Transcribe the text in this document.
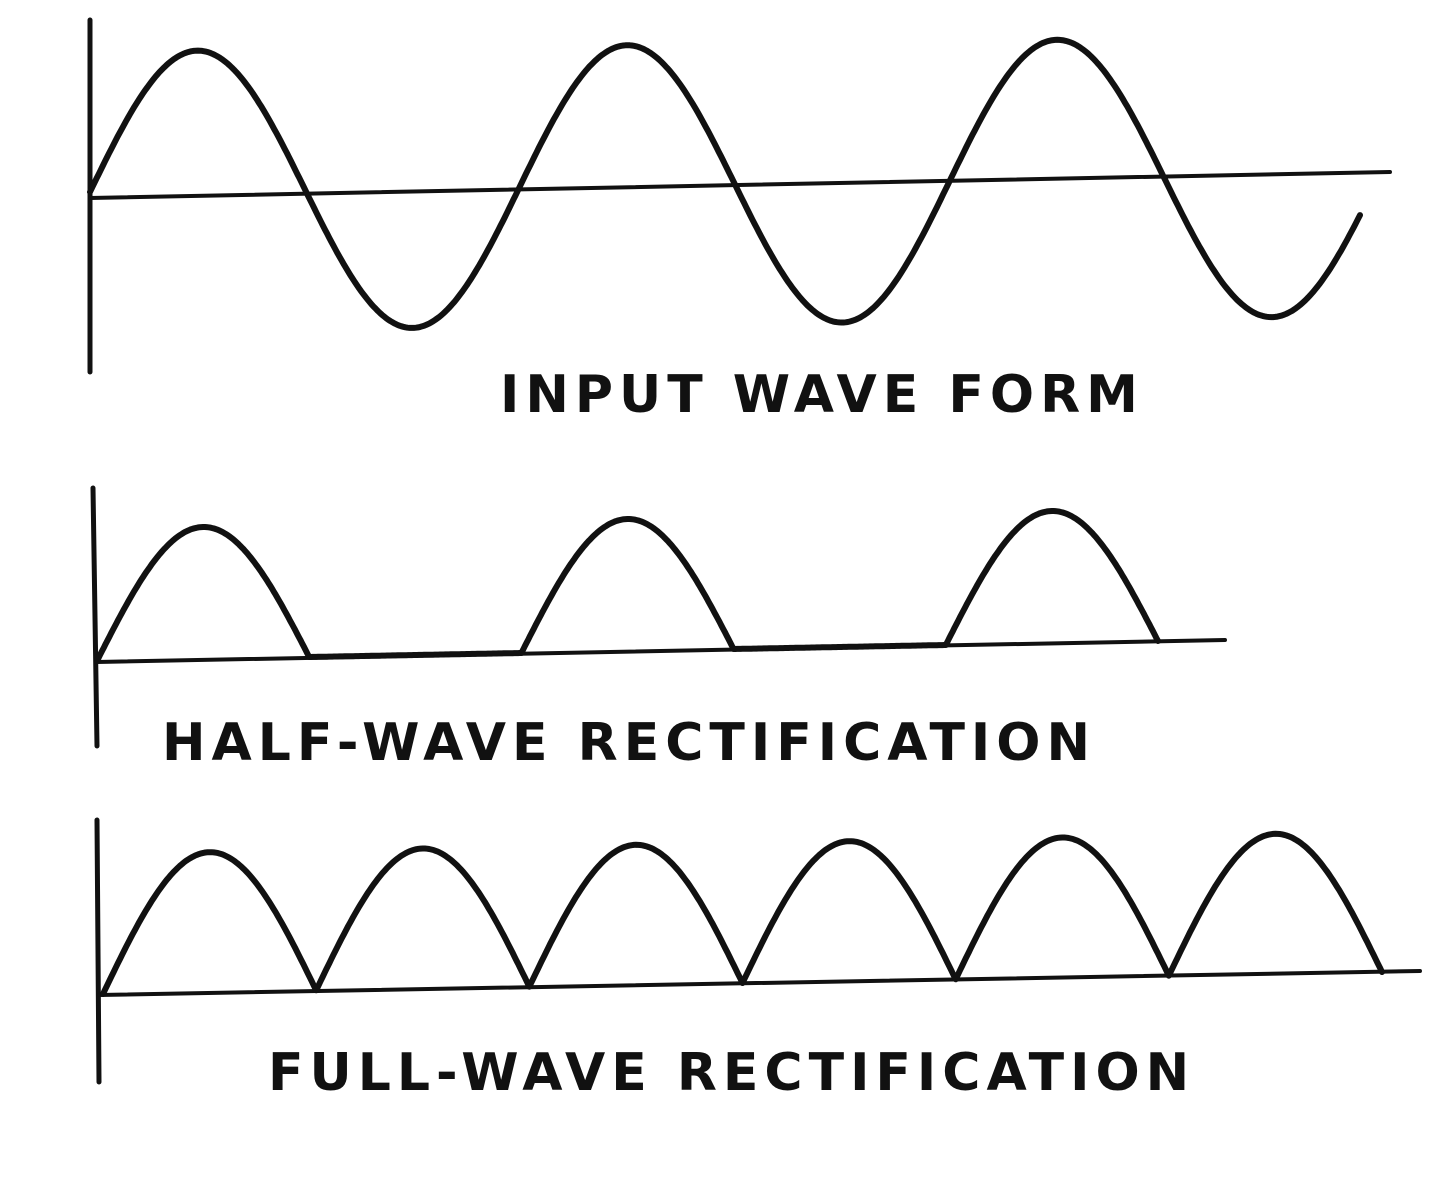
INPUT WAVE FORM
HALF-WAVE RECTIFICATION
FULL-WAVE RECTIFICATION
